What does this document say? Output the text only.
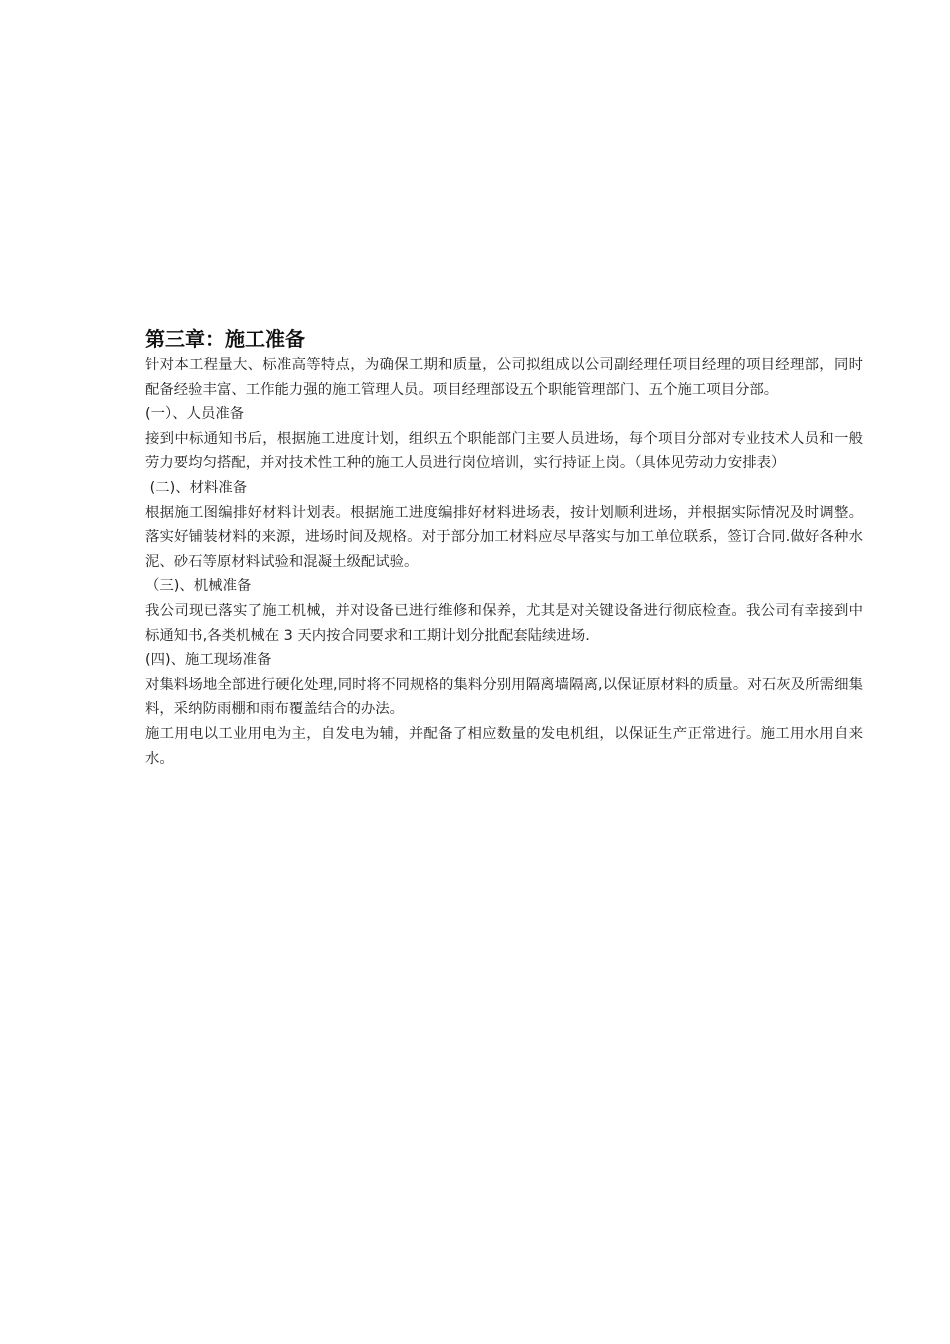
第三章：施工准备

针对本工程量大、标准高等特点，为确保工期和质量，公司拟组成以公司副经理任项目经理的项目经理部，同时配备经验丰富、工作能力强的施工管理人员。项目经理部设五个职能管理部门、五个施工项目分部。

(一）、人员准备

接到中标通知书后，根据施工进度计划，组织五个职能部门主要人员进场，每个项目分部对专业技术人员和一般劳力要均匀搭配，并对技术性工种的施工人员进行岗位培训，实行持证上岗。（具体见劳动力安排表）

(二)、材料准备

根据施工图编排好材料计划表。根据施工进度编排好材料进场表，按计划顺利进场，并根据实际情况及时调整。落实好铺装材料的来源，进场时间及规格。对于部分加工材料应尽早落实与加工单位联系，签订合同.做好各种水泥、砂石等原材料试验和混凝土级配试验。

（三)、机械准备

我公司现已落实了施工机械，并对设备已进行维修和保养，尤其是对关键设备进行彻底检查。我公司有幸接到中标通知书,各类机械在 3 天内按合同要求和工期计划分批配套陆续进场.

(四)、施工现场准备

对集料场地全部进行硬化处理,同时将不同规格的集料分别用隔离墙隔离,以保证原材料的质量。对石灰及所需细集料，采纳防雨棚和雨布覆盖结合的办法。

施工用电以工业用电为主，自发电为辅，并配备了相应数量的发电机组，以保证生产正常进行。施工用水用自来水。
